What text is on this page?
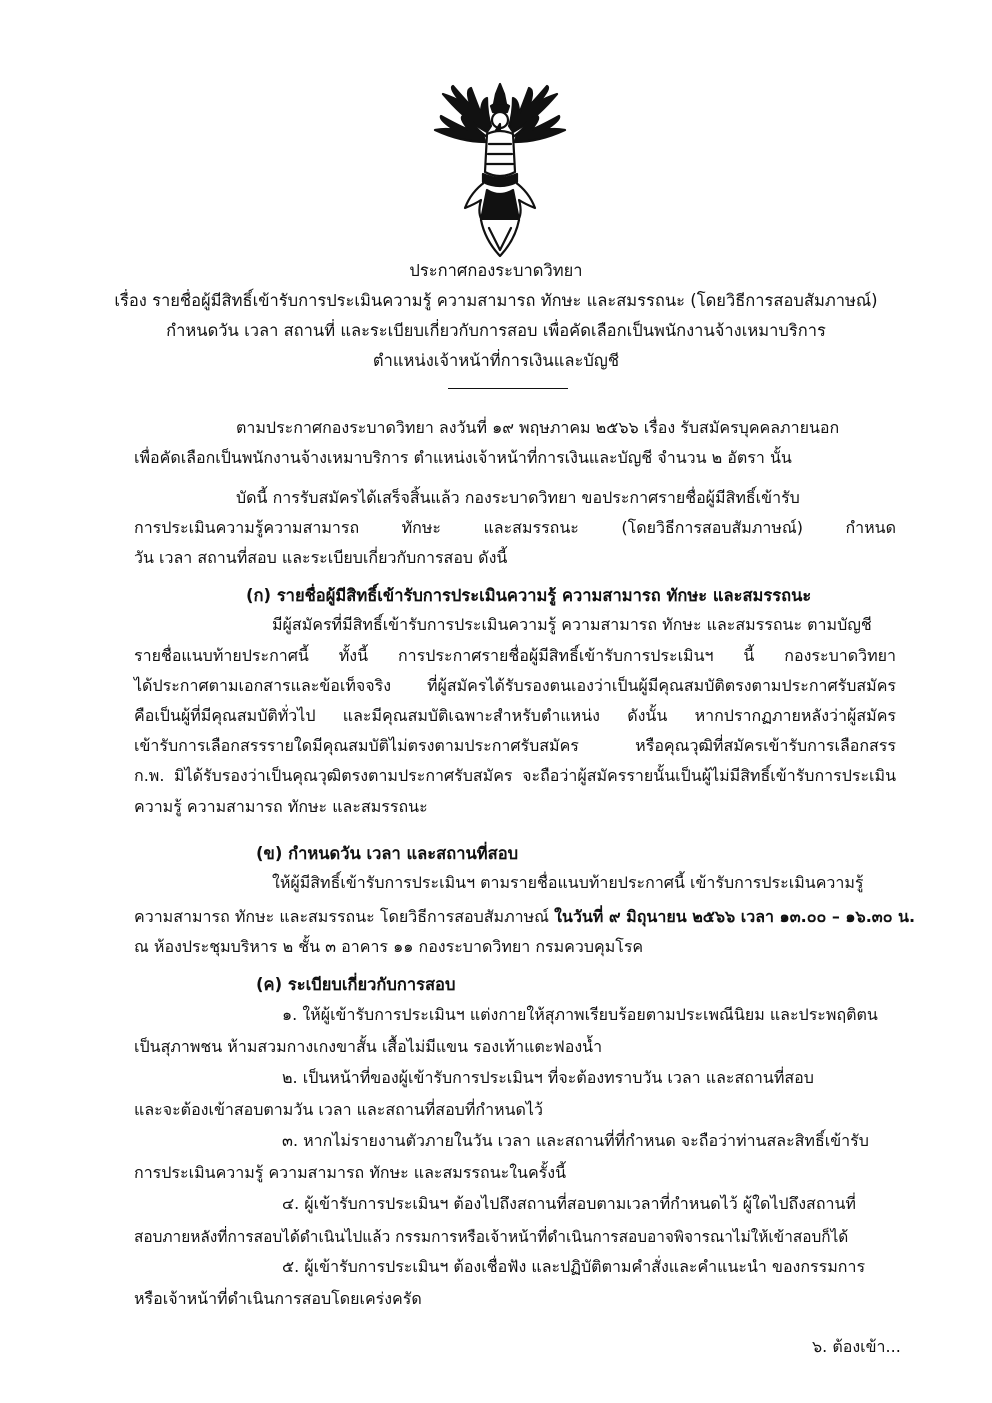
ประกาศกองระบาดวิทยา
เรื่อง รายชื่อผู้มีสิทธิ์เข้ารับการประเมินความรู้ ความสามารถ ทักษะ และสมรรถนะ (โดยวิธีการสอบสัมภาษณ์)
กำหนดวัน เวลา สถานที่ และระเบียบเกี่ยวกับการสอบ เพื่อคัดเลือกเป็นพนักงานจ้างเหมาบริการ
ตำแหน่งเจ้าหน้าที่การเงินและบัญชี
ตามประกาศกองระบาดวิทยา ลงวันที่ ๑๙ พฤษภาคม ๒๕๖๖ เรื่อง รับสมัครบุคคลภายนอก
เพื่อคัดเลือกเป็นพนักงานจ้างเหมาบริการ ตำแหน่งเจ้าหน้าที่การเงินและบัญชี จำนวน ๒ อัตรา นั้น
บัดนี้ การรับสมัครได้เสร็จสิ้นแล้ว กองระบาดวิทยา ขอประกาศรายชื่อผู้มีสิทธิ์เข้ารับ
การประเมินความรู้ความสามารถ ทักษะ และสมรรถนะ (โดยวิธีการสอบสัมภาษณ์) กำหนด
วัน เวลา สถานที่สอบ และระเบียบเกี่ยวกับการสอบ ดังนี้
(ก) รายชื่อผู้มีสิทธิ์เข้ารับการประเมินความรู้ ความสามารถ ทักษะ และสมรรถนะ
มีผู้สมัครที่มีสิทธิ์เข้ารับการประเมินความรู้ ความสามารถ ทักษะ และสมรรถนะ ตามบัญชี
รายชื่อแนบท้ายประกาศนี้ ทั้งนี้ การประกาศรายชื่อผู้มีสิทธิ์เข้ารับการประเมินฯ นี้ กองระบาดวิทยา
ได้ประกาศตามเอกสารและข้อเท็จจริง ที่ผู้สมัครได้รับรองตนเองว่าเป็นผู้มีคุณสมบัติตรงตามประกาศรับสมัคร
คือเป็นผู้ที่มีคุณสมบัติทั่วไป และมีคุณสมบัติเฉพาะสำหรับตำแหน่ง ดังนั้น หากปรากฏภายหลังว่าผู้สมัคร
เข้ารับการเลือกสรรรายใดมีคุณสมบัติไม่ตรงตามประกาศรับสมัคร หรือคุณวุฒิที่สมัครเข้ารับการเลือกสรร
ก.พ. มิได้รับรองว่าเป็นคุณวุฒิตรงตามประกาศรับสมัคร จะถือว่าผู้สมัครรายนั้นเป็นผู้ไม่มีสิทธิ์เข้ารับการประเมิน
ความรู้ ความสามารถ ทักษะ และสมรรถนะ
(ข) กำหนดวัน เวลา และสถานที่สอบ
ให้ผู้มีสิทธิ์เข้ารับการประเมินฯ ตามรายชื่อแนบท้ายประกาศนี้ เข้ารับการประเมินความรู้
ความสามารถ ทักษะ และสมรรถนะ โดยวิธีการสอบสัมภาษณ์ ในวันที่ ๙ มิถุนายน ๒๕๖๖ เวลา ๑๓.๐๐ – ๑๖.๓๐ น.
ณ ห้องประชุมบริหาร ๒ ชั้น ๓ อาคาร ๑๑ กองระบาดวิทยา กรมควบคุมโรค
(ค) ระเบียบเกี่ยวกับการสอบ
๑. ให้ผู้เข้ารับการประเมินฯ แต่งกายให้สุภาพเรียบร้อยตามประเพณีนิยม และประพฤติตน
เป็นสุภาพชน ห้ามสวมกางเกงขาสั้น เสื้อไม่มีแขน รองเท้าแตะฟองน้ำ
๒. เป็นหน้าที่ของผู้เข้ารับการประเมินฯ ที่จะต้องทราบวัน เวลา และสถานที่สอบ
และจะต้องเข้าสอบตามวัน เวลา และสถานที่สอบที่กำหนดไว้
๓. หากไม่รายงานตัวภายในวัน เวลา และสถานที่ที่กำหนด จะถือว่าท่านสละสิทธิ์เข้ารับ
การประเมินความรู้ ความสามารถ ทักษะ และสมรรถนะในครั้งนี้
๔. ผู้เข้ารับการประเมินฯ ต้องไปถึงสถานที่สอบตามเวลาที่กำหนดไว้ ผู้ใดไปถึงสถานที่
สอบภายหลังที่การสอบได้ดำเนินไปแล้ว กรรมการหรือเจ้าหน้าที่ดำเนินการสอบอาจพิจารณาไม่ให้เข้าสอบก็ได้
๕. ผู้เข้ารับการประเมินฯ ต้องเชื่อฟัง และปฏิบัติตามคำสั่งและคำแนะนำ ของกรรมการ
หรือเจ้าหน้าที่ดำเนินการสอบโดยเคร่งครัด
๖. ต้องเข้า...
